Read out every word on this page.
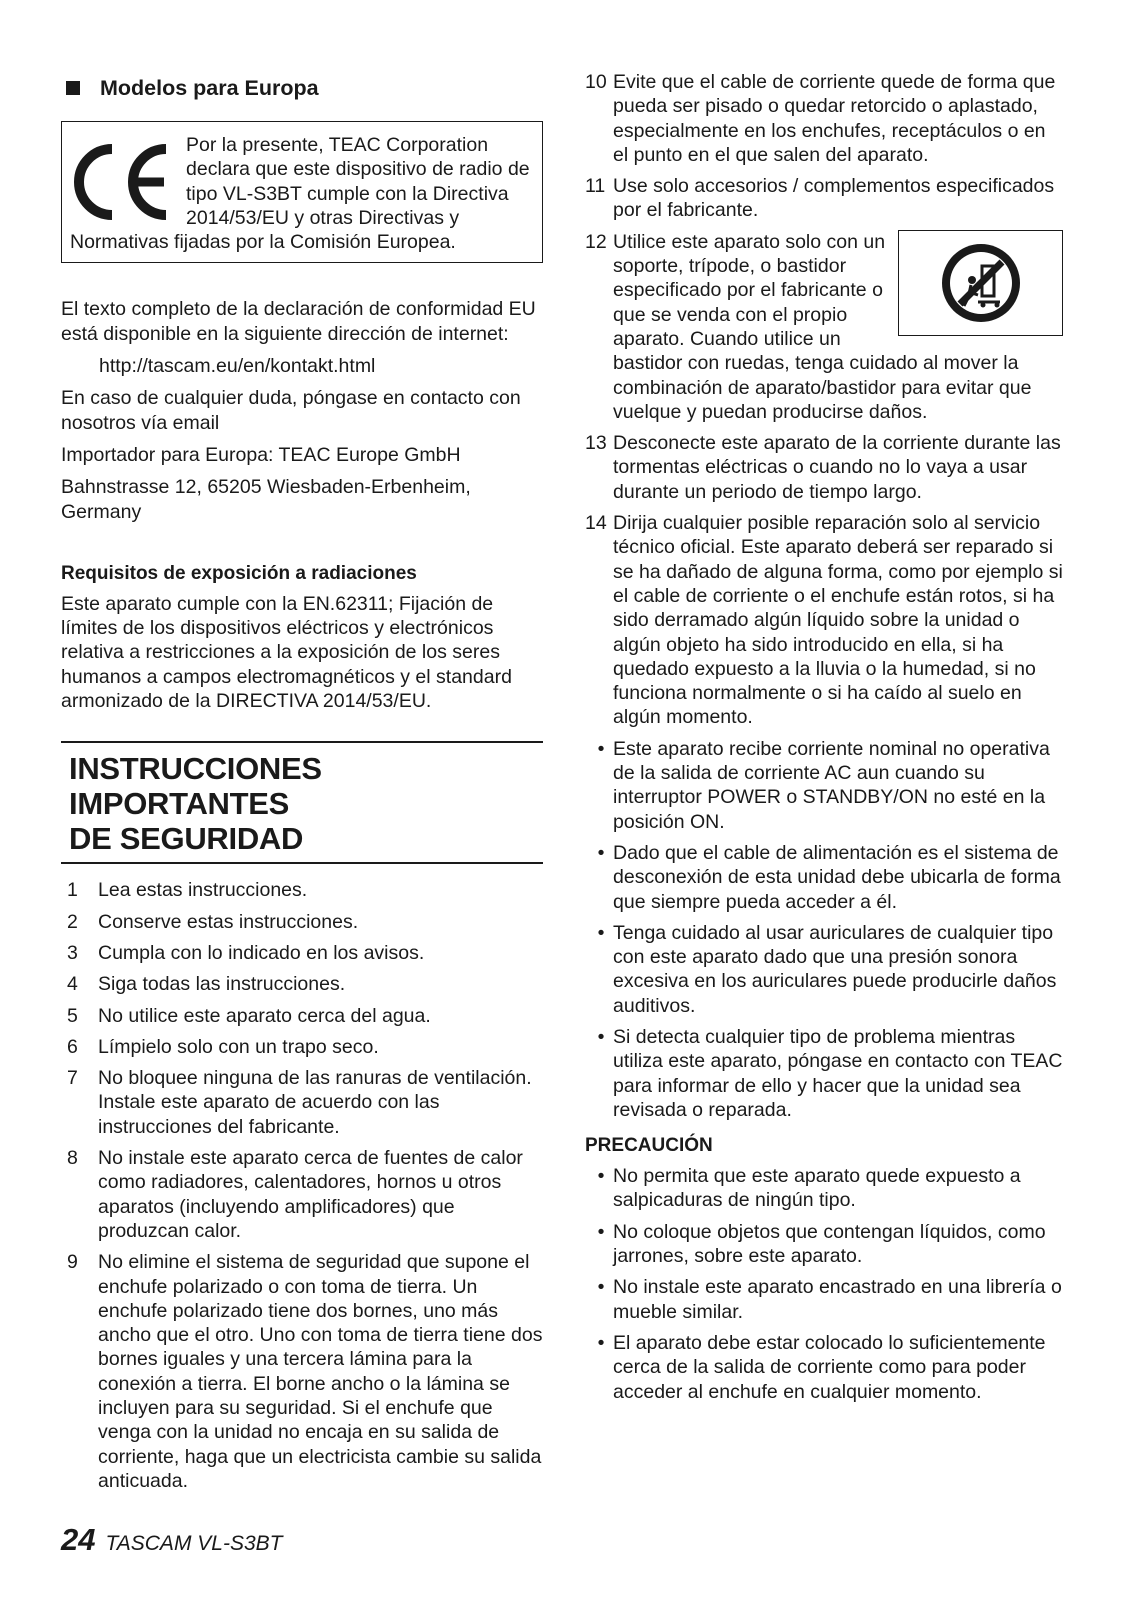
Modelos para Europa
Por la presente, TEAC Corporation declara que este dispositivo de radio de tipo VL-S3BT cumple con la Directiva 2014/53/EU y otras Directivas y Normativas fijadas por la Comisión Europea.
El texto completo de la declaración de conformidad EU está disponible en la siguiente dirección de internet:
http://tascam.eu/en/kontakt.html
En caso de cualquier duda, póngase en contacto con nosotros vía email
Importador para Europa: TEAC Europe GmbH
Bahnstrasse 12, 65205 Wiesbaden-Erbenheim, Germany
Requisitos de exposición a radiaciones
Este aparato cumple con la EN.62311; Fijación de límites de los dispositivos eléctricos y electrónicos relativa a restricciones a la exposición de los seres humanos a campos electromagnéticos y el standard armonizado de la DIRECTIVA 2014/53/EU.
INSTRUCCIONES IMPORTANTES
DE SEGURIDAD
1	Lea estas instrucciones.
2	Conserve estas instrucciones.
3	Cumpla con lo indicado en los avisos.
4	Siga todas las instrucciones.
5	No utilice este aparato cerca del agua.
6	Límpielo solo con un trapo seco.
7	No bloquee ninguna de las ranuras de ventilación. Instale este aparato de acuerdo con las instrucciones del fabricante.
8	No instale este aparato cerca de fuentes de calor como radiadores, calentadores, hornos u otros aparatos (incluyendo amplificadores) que produzcan calor.
9	No elimine el sistema de seguridad que supone el enchufe polarizado o con toma de tierra. Un enchufe polarizado tiene dos bornes, uno más ancho que el otro. Uno con toma de tierra tiene dos bornes iguales y una tercera lámina para la conexión a tierra. El borne ancho o la lámina se incluyen para su seguridad. Si el enchufe que venga con la unidad no encaja en su salida de corriente, haga que un electricista cambie su salida anticuada.
10 Evite que el cable de corriente quede de forma que pueda ser pisado o quedar retorcido o aplastado, especialmente en los enchufes, receptáculos o en el punto en el que salen del aparato.
11 Use solo accesorios / complementos especificados por el fabricante.
12 Utilice este aparato solo con un soporte, trípode, o bastidor especificado por el fabricante o que se venda con el propio aparato. Cuando utilice un bastidor con ruedas, tenga cuidado al mover la combinación de aparato/bastidor para evitar que vuelque y puedan producirse daños.
13 Desconecte este aparato de la corriente durante las tormentas eléctricas o cuando no lo vaya a usar durante un periodo de tiempo largo.
14 Dirija cualquier posible reparación solo al servicio técnico oficial. Este aparato deberá ser reparado si se ha dañado de alguna forma, como por ejemplo si el cable de corriente o el enchufe están rotos, si ha sido derramado algún líquido sobre la unidad o algún objeto ha sido introducido en ella, si ha quedado expuesto a la lluvia o la humedad, si no funciona normalmente o si ha caído al suelo en algún momento.
• Este aparato recibe corriente nominal no operativa de la salida de corriente AC aun cuando su interruptor POWER o STANDBY/ON no esté en la posición ON.
• Dado que el cable de alimentación es el sistema de desconexión de esta unidad debe ubicarla de forma que siempre pueda acceder a él.
• Tenga cuidado al usar auriculares de cualquier tipo con este aparato dado que una presión sonora excesiva en los auriculares puede producirle daños auditivos.
• Si detecta cualquier tipo de problema mientras utiliza este aparato, póngase en contacto con TEAC para informar de ello y hacer que la unidad sea revisada o reparada.
PRECAUCIÓN
• No permita que este aparato quede expuesto a salpicaduras de ningún tipo.
• No coloque objetos que contengan líquidos, como jarrones, sobre este aparato.
• No instale este aparato encastrado en una librería o mueble similar.
• El aparato debe estar colocado lo suficientemente cerca de la salida de corriente como para poder acceder al enchufe en cualquier momento.
24 TASCAM VL-S3BT
